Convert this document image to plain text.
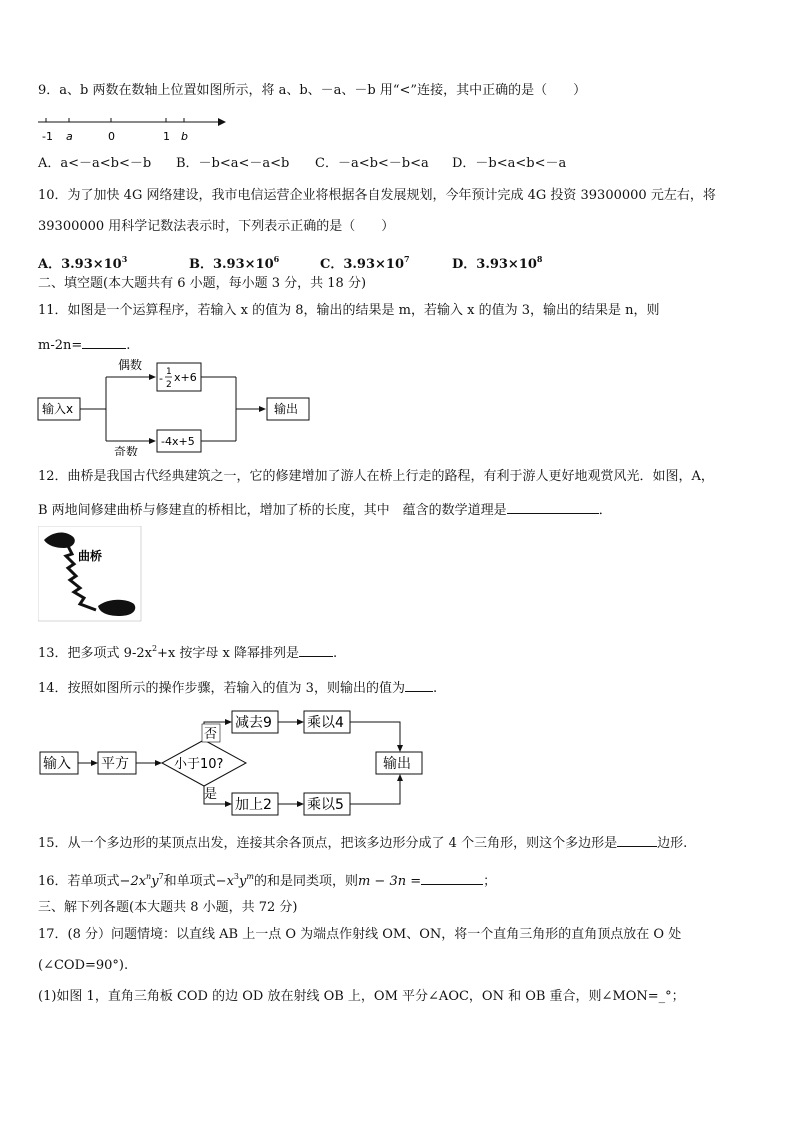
9．a、b 两数在数轴上位置如图所示，将 a、b、－a、－b 用“<”连接，其中正确的是（　　）
-1 a	0	1 b
A．a<－a<b<－b B．－b<a<－a<b C．－a<b<－b<a D．－b<a<b<－a
10．为了加快 4G 网络建设，我市电信运营企业将根据各自发展规划，今年预计完成 4G 投资 39300000 元左右，将
39300000 用科学记数法表示时，下列表示正确的是（　　）
A．$3.93\times 10^3$	B．$3.93\times 10^6$	C．$3.93\times 10^7$	D．$3.93\times 10^8$
二、填空题(本大题共有 6 小题，每小题 3 分，共 18 分)
11．如图是一个运算程序，若输入 x 的值为 8，输出的结果是 m，若输入 x 的值为 3，输出的结果是 n，则
m-2n=	.
输入x
偶数
奇数
- 1
2
x+6
-4x+5
输出
12．曲桥是我国古代经典建筑之一，它的修建增加了游人在桥上行走的路程，有利于游人更好地观赏风光．如图，A，
B 两地间修建曲桥与修建直的桥相比，增加了桥的长度，其中　蕴含的数学道理是	．
曲桥
13．把多项式 $9-2x^2+x$ 按字母 x 降幂排列是	.
14．按照如图所示的操作步骤，若输入的值为 3，则输出的值为 .
输入 平方	小于10?
否
是
减去9	乘以4
加上2	乘以5
输出
15．从一个多边形的某顶点出发，连接其余各顶点，把该多边形分成了 4 个三角形，则这个多边形是	边形.
16．若单项式$-2x^ny^7$和单项式$-x^3y^m$的和是同类项，则m − 3n =	；
三、解下列各题(本大题共 8 小题，共 72 分)
17．(8 分）问题情境：以直线 AB 上一点 O 为端点作射线 OM、ON，将一个直角三角形的直角顶点放在 O 处
(∠COD=90°).
(1)如图 1，直角三角板 COD 的边 OD 放在射线 OB 上，OM 平分∠AOC，ON 和 OB 重合，则∠MON=_°；
